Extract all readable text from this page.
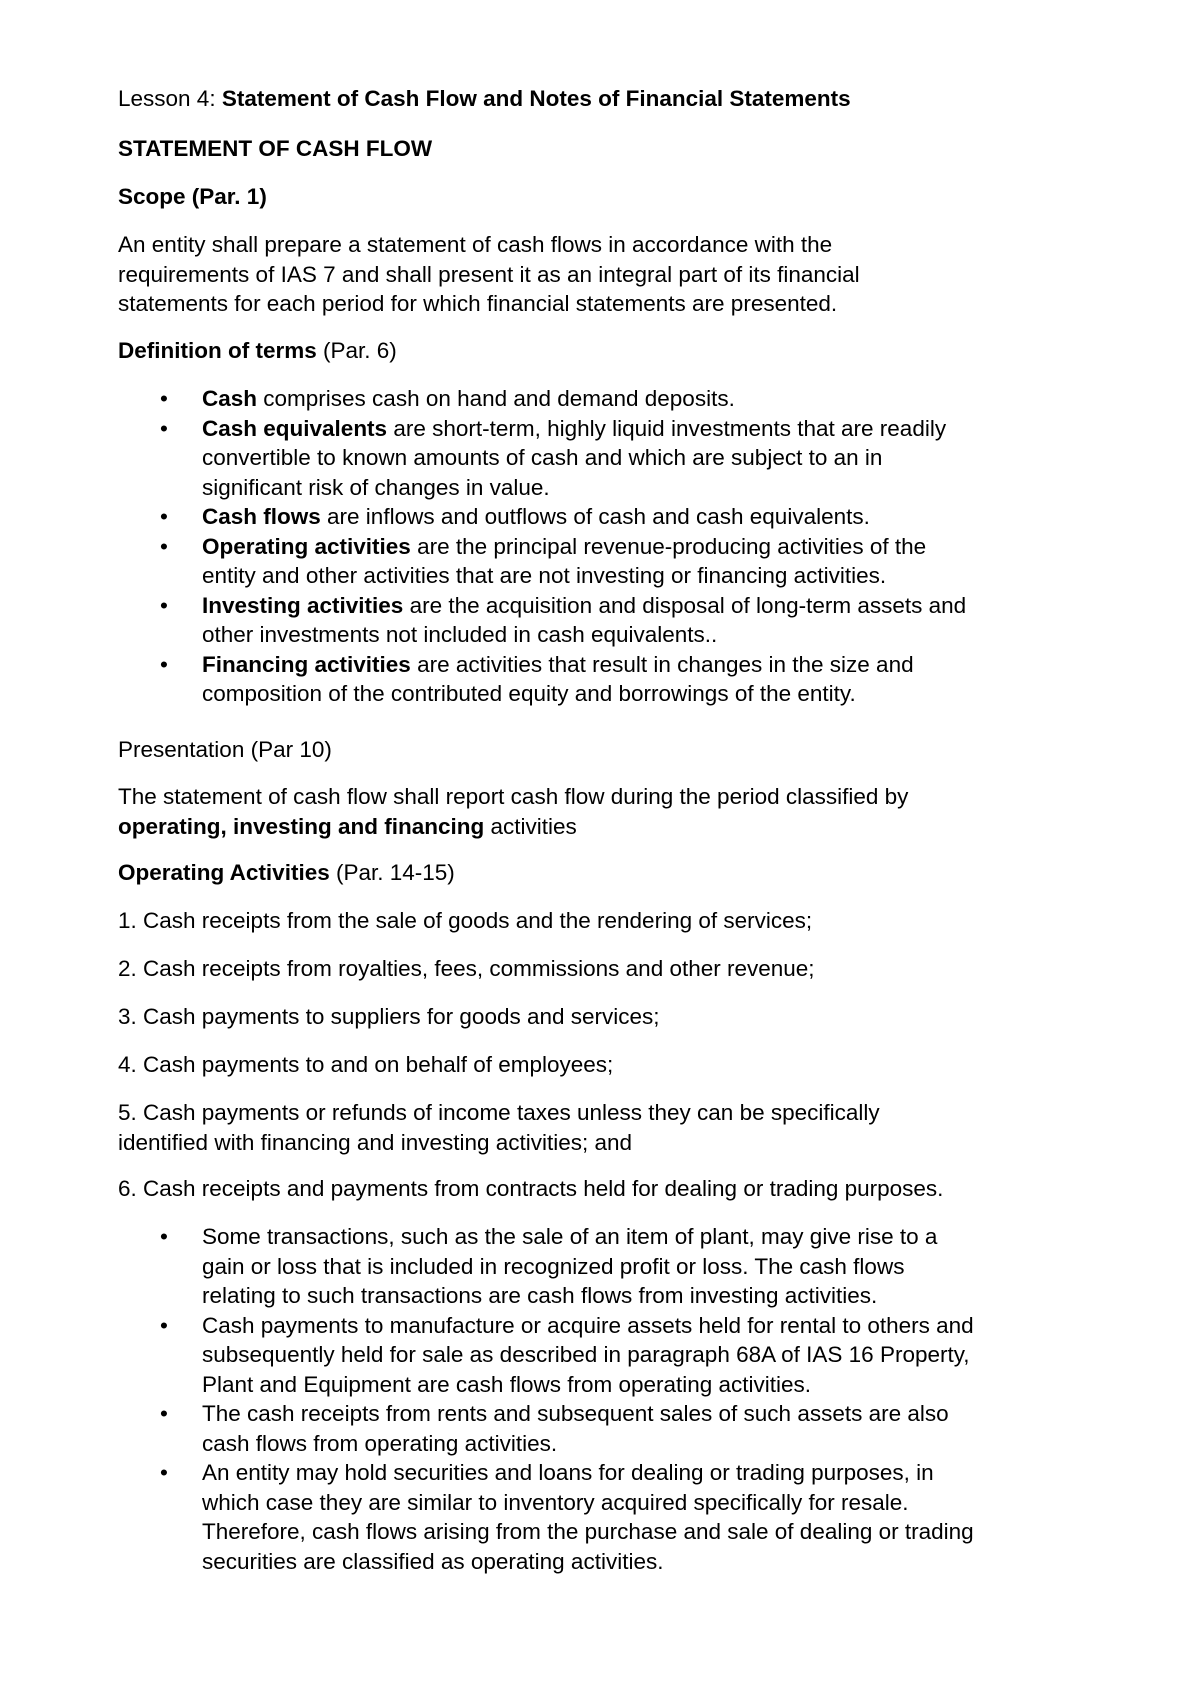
Lesson 4: Statement of Cash Flow and Notes of Financial Statements

STATEMENT OF CASH FLOW

Scope (Par. 1)

An entity shall prepare a statement of cash flows in accordance with the
requirements of IAS 7 and shall present it as an integral part of its financial
statements for each period for which financial statements are presented.

Definition of terms (Par. 6)

• Cash comprises cash on hand and demand deposits.
• Cash equivalents are short-term, highly liquid investments that are readily
convertible to known amounts of cash and which are subject to an in
significant risk of changes in value.
• Cash flows are inflows and outflows of cash and cash equivalents.
• Operating activities are the principal revenue-producing activities of the
entity and other activities that are not investing or financing activities.
• Investing activities are the acquisition and disposal of long-term assets and
other investments not included in cash equivalents..
• Financing activities are activities that result in changes in the size and
composition of the contributed equity and borrowings of the entity.

Presentation (Par 10)

The statement of cash flow shall report cash flow during the period classified by
operating, investing and financing activities

Operating Activities (Par. 14-15)

1. Cash receipts from the sale of goods and the rendering of services;

2. Cash receipts from royalties, fees, commissions and other revenue;

3. Cash payments to suppliers for goods and services;

4. Cash payments to and on behalf of employees;

5. Cash payments or refunds of income taxes unless they can be specifically
identified with financing and investing activities; and

6. Cash receipts and payments from contracts held for dealing or trading purposes.

• Some transactions, such as the sale of an item of plant, may give rise to a
gain or loss that is included in recognized profit or loss. The cash flows
relating to such transactions are cash flows from investing activities.
• Cash payments to manufacture or acquire assets held for rental to others and
subsequently held for sale as described in paragraph 68A of IAS 16 Property,
Plant and Equipment are cash flows from operating activities.
• The cash receipts from rents and subsequent sales of such assets are also
cash flows from operating activities.
• An entity may hold securities and loans for dealing or trading purposes, in
which case they are similar to inventory acquired specifically for resale.
Therefore, cash flows arising from the purchase and sale of dealing or trading
securities are classified as operating activities.
